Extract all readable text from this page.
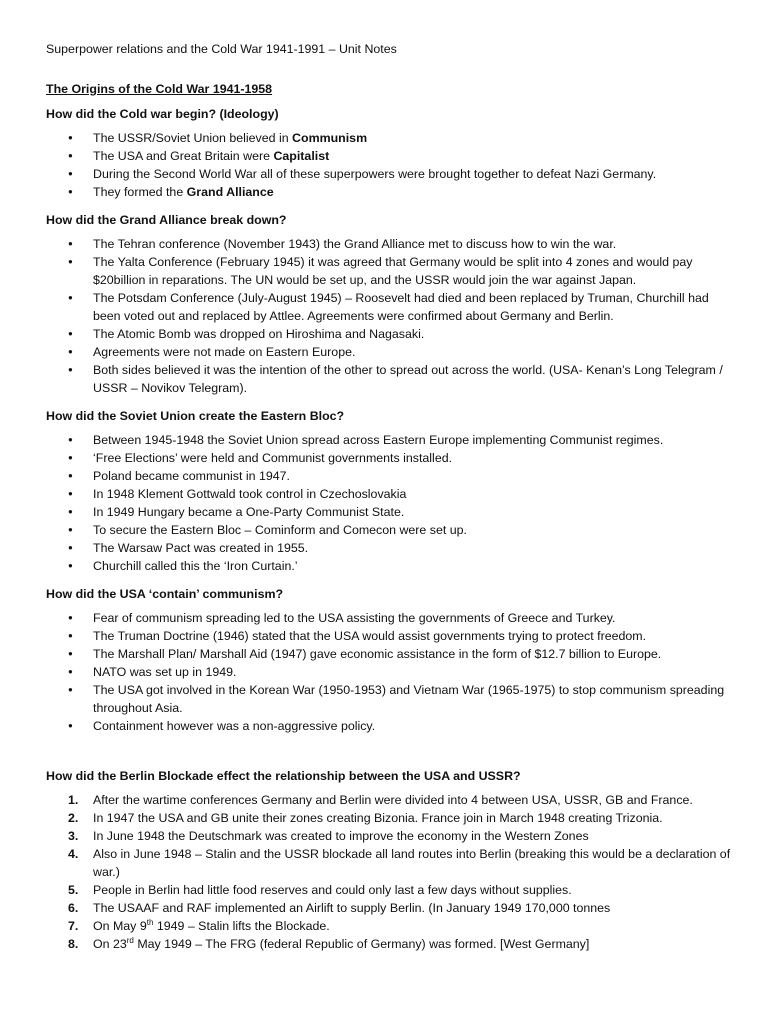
Superpower relations and the Cold War 1941-1991 – Unit Notes
The Origins of the Cold War 1941-1958
How did the Cold war begin? (Ideology)
● The USSR/Soviet Union believed in Communism
● The USA and Great Britain were Capitalist
● During the Second World War all of these superpowers were brought together to defeat Nazi Germany.
● They formed the Grand Alliance
How did the Grand Alliance break down?
● The Tehran conference (November 1943) the Grand Alliance met to discuss how to win the war.
● The Yalta Conference (February 1945) it was agreed that Germany would be split into 4 zones and would pay $20billion in reparations. The UN would be set up, and the USSR would join the war against Japan.
● The Potsdam Conference (July-August 1945) – Roosevelt had died and been replaced by Truman, Churchill had been voted out and replaced by Attlee. Agreements were confirmed about Germany and Berlin.
● The Atomic Bomb was dropped on Hiroshima and Nagasaki.
● Agreements were not made on Eastern Europe.
● Both sides believed it was the intention of the other to spread out across the world. (USA- Kenan’s Long Telegram / USSR – Novikov Telegram).
How did the Soviet Union create the Eastern Bloc?
● Between 1945-1948 the Soviet Union spread across Eastern Europe implementing Communist regimes.
● ‘Free Elections’ were held and Communist governments installed.
● Poland became communist in 1947.
● In 1948 Klement Gottwald took control in Czechoslovakia
● In 1949 Hungary became a One-Party Communist State.
● To secure the Eastern Bloc – Cominform and Comecon were set up.
● The Warsaw Pact was created in 1955.
● Churchill called this the ‘Iron Curtain.’
How did the USA ‘contain’ communism?
● Fear of communism spreading led to the USA assisting the governments of Greece and Turkey.
● The Truman Doctrine (1946) stated that the USA would assist governments trying to protect freedom.
● The Marshall Plan/ Marshall Aid (1947) gave economic assistance in the form of $12.7 billion to Europe.
● NATO was set up in 1949.
● The USA got involved in the Korean War (1950-1953) and Vietnam War (1965-1975) to stop communism spreading throughout Asia.
● Containment however was a non-aggressive policy.
How did the Berlin Blockade effect the relationship between the USA and USSR?
1. After the wartime conferences Germany and Berlin were divided into 4 between USA, USSR, GB and France.
2. In 1947 the USA and GB unite their zones creating Bizonia. France join in March 1948 creating Trizonia.
3. In June 1948 the Deutschmark was created to improve the economy in the Western Zones
4. Also in June 1948 – Stalin and the USSR blockade all land routes into Berlin (breaking this would be a declaration of war.)
5. People in Berlin had little food reserves and could only last a few days without supplies.
6. The USAAF and RAF implemented an Airlift to supply Berlin. (In January 1949 170,000 tonnes
7. On May 9th 1949 – Stalin lifts the Blockade.
8. On 23rd May 1949 – The FRG (federal Republic of Germany) was formed. [West Germany]
